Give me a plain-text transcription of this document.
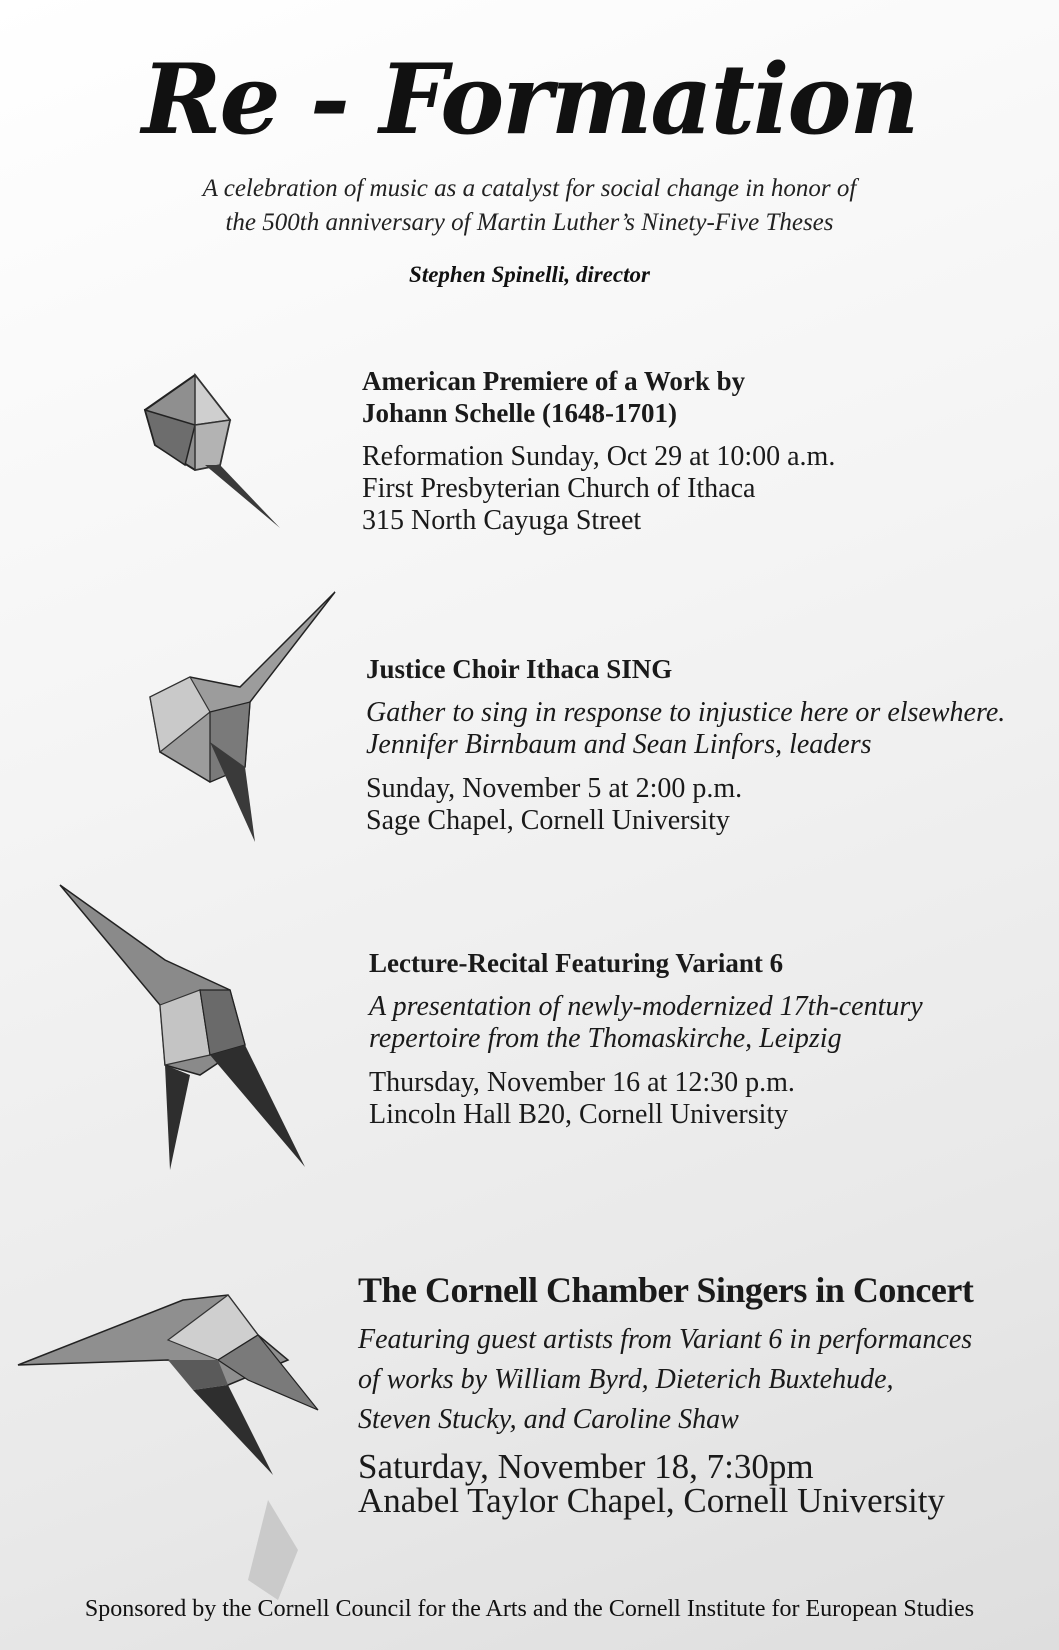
Re - Formation
A celebration of music as a catalyst for social change in honor of
the 500th anniversary of Martin Luther’s Ninety-Five Theses
Stephen Spinelli, director
American Premiere of a Work by
Johann Schelle (1648-1701)
Reformation Sunday, Oct 29 at 10:00 a.m.
First Presbyterian Church of Ithaca
315 North Cayuga Street
Justice Choir Ithaca SING
Gather to sing in response to injustice here or elsewhere.
Jennifer Birnbaum and Sean Linfors, leaders
Sunday, November 5 at 2:00 p.m.
Sage Chapel, Cornell University
Lecture-Recital Featuring Variant 6
A presentation of newly-modernized 17th-century
repertoire from the Thomaskirche, Leipzig
Thursday, November 16 at 12:30 p.m.
Lincoln Hall B20, Cornell University
The Cornell Chamber Singers in Concert
Featuring guest artists from Variant 6 in performances
of works by William Byrd, Dieterich Buxtehude,
Steven Stucky, and Caroline Shaw
Saturday, November 18, 7:30pm
Anabel Taylor Chapel, Cornell University
Sponsored by the Cornell Council for the Arts and the Cornell Institute for European Studies
